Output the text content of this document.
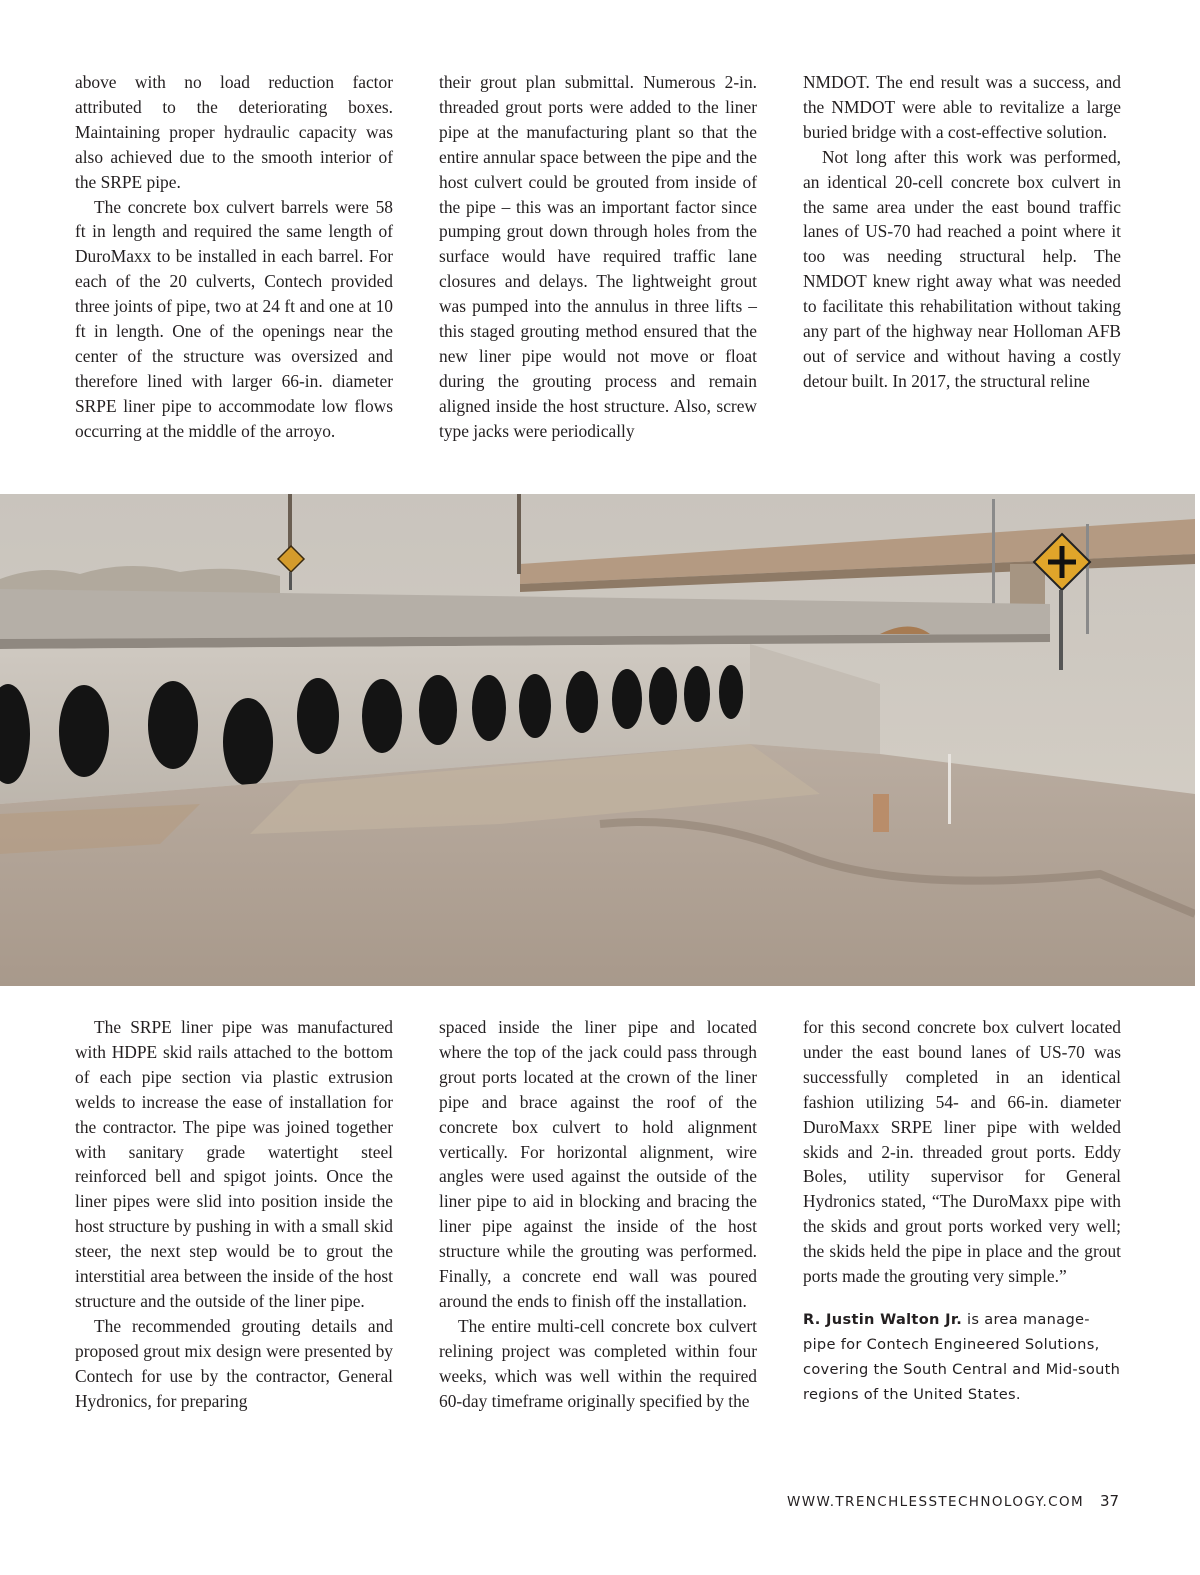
above with no load reduction factor attributed to the deteriorating boxes. Maintaining proper hydraulic capacity was also achieved due to the smooth interior of the SRPE pipe.

The concrete box culvert barrels were 58 ft in length and required the same length of DuroMaxx to be installed in each barrel. For each of the 20 culverts, Contech provided three joints of pipe, two at 24 ft and one at 10 ft in length. One of the openings near the center of the structure was oversized and therefore lined with larger 66-in. diameter SRPE liner pipe to accommodate low flows occurring at the middle of the arroyo.

their grout plan submittal. Numerous 2-in. threaded grout ports were added to the liner pipe at the manufacturing plant so that the entire annular space between the pipe and the host culvert could be grouted from inside of the pipe – this was an important factor since pumping grout down through holes from the surface would have required traffic lane closures and delays. The lightweight grout was pumped into the annulus in three lifts – this staged grouting method ensured that the new liner pipe would not move or float during the grouting process and remain aligned inside the host structure. Also, screw type jacks were periodically

NMDOT. The end result was a success, and the NMDOT were able to revitalize a large buried bridge with a cost-effective solution.

Not long after this work was performed, an identical 20-cell concrete box culvert in the same area under the east bound traffic lanes of US-70 had reached a point where it too was needing structural help. The NMDOT knew right away what was needed to facilitate this rehabilitation without taking any part of the highway near Holloman AFB out of service and without having a costly detour built. In 2017, the structural reline

The SRPE liner pipe was manufactured with HDPE skid rails attached to the bottom of each pipe section via plastic extrusion welds to increase the ease of installation for the contractor. The pipe was joined together with sanitary grade watertight steel reinforced bell and spigot joints. Once the liner pipes were slid into position inside the host structure by pushing in with a small skid steer, the next step would be to grout the interstitial area between the inside of the host structure and the outside of the liner pipe.

The recommended grouting details and proposed grout mix design were presented by Contech for use by the contractor, General Hydronics, for preparing

spaced inside the liner pipe and located where the top of the jack could pass through grout ports located at the crown of the liner pipe and brace against the roof of the concrete box culvert to hold alignment vertically. For horizontal alignment, wire angles were used against the outside of the liner pipe to aid in blocking and bracing the liner pipe against the inside of the host structure while the grouting was performed. Finally, a concrete end wall was poured around the ends to finish off the installation.

The entire multi-cell concrete box culvert relining project was completed within four weeks, which was well within the required 60-day timeframe originally specified by the

for this second concrete box culvert located under the east bound lanes of US-70 was successfully completed in an identical fashion utilizing 54- and 66-in. diameter DuroMaxx SRPE liner pipe with welded skids and 2-in. threaded grout ports. Eddy Boles, utility supervisor for General Hydronics stated, “The DuroMaxx pipe with the skids and grout ports worked very well; the skids held the pipe in place and the grout ports made the grouting very simple.”

R. Justin Walton Jr. is area manage-pipe for Contech Engineered Solutions, covering the South Central and Mid-south regions of the United States.

WWW.TRENCHLESSTECHNOLOGY.COM 37
